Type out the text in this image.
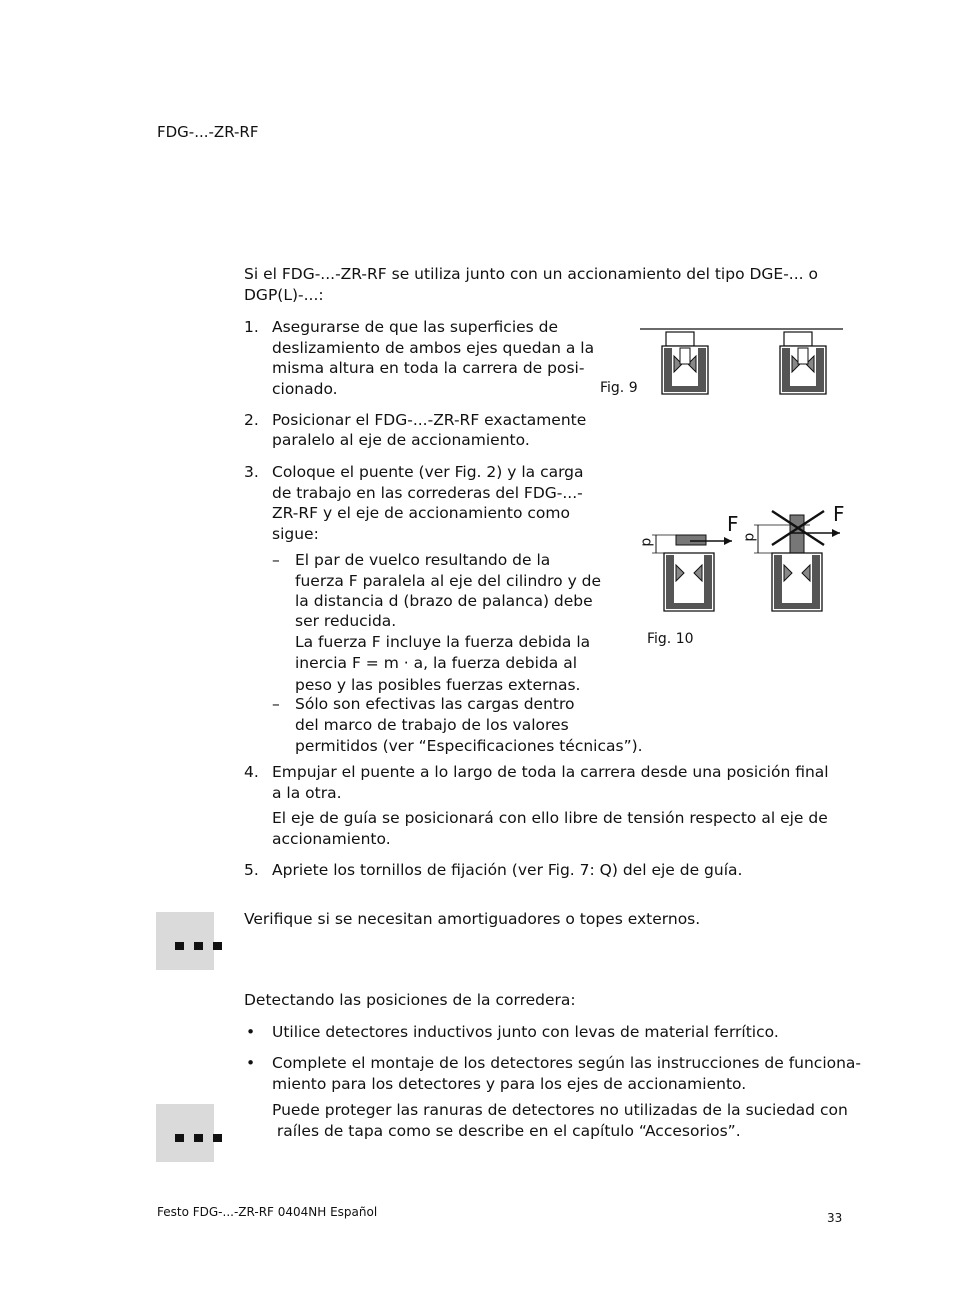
FDG-...-ZR-RF
Si el FDG-...-ZR-RF se utiliza junto con un accionamiento del tipo DGE-... o
DGP(L)-...:
1. Asegurarse de que las superficies de
deslizamiento de ambos ejes quedan a la
misma altura en toda la carrera de posi-
cionado.
2. Posicionar el FDG-...-ZR-RF exactamente
paralelo al eje de accionamiento.
3. Coloque el puente (ver Fig. 2) y la carga
de trabajo en las correderas del FDG-...-
ZR-RF y el eje de accionamiento como
sigue:
– El par de vuelco resultando de la
fuerza F paralela al eje del cilindro y de
la distancia d (brazo de palanca) debe
ser reducida.
La fuerza F incluye la fuerza debida la
inercia F = m · a, la fuerza debida al
peso y las posibles fuerzas externas.
– Sólo son efectivas las cargas dentro
del marco de trabajo de los valores
permitidos (ver “Especificaciones técnicas”).
4. Empujar el puente a lo largo de toda la carrera desde una posición final
a la otra.
El eje de guía se posicionará con ello libre de tensión respecto al eje de
accionamiento.
5. Apriete los tornillos de fijación (ver Fig. 7: Q) del eje de guía.
Fig. 9
F	F
d
d
Fig. 10
Verifique si se necesitan amortiguadores o topes externos.
Detectando las posiciones de la corredera:
• Utilice detectores inductivos junto con levas de material ferrítico.
• Complete el montaje de los detectores según las instrucciones de funciona-
miento para los detectores y para los ejes de accionamiento.
Puede proteger las ranuras de detectores no utilizadas de la suciedad con
raíles de tapa como se describe en el capítulo “Accesorios”.
Festo FDG-...-ZR-RF 0404NH Español	33
